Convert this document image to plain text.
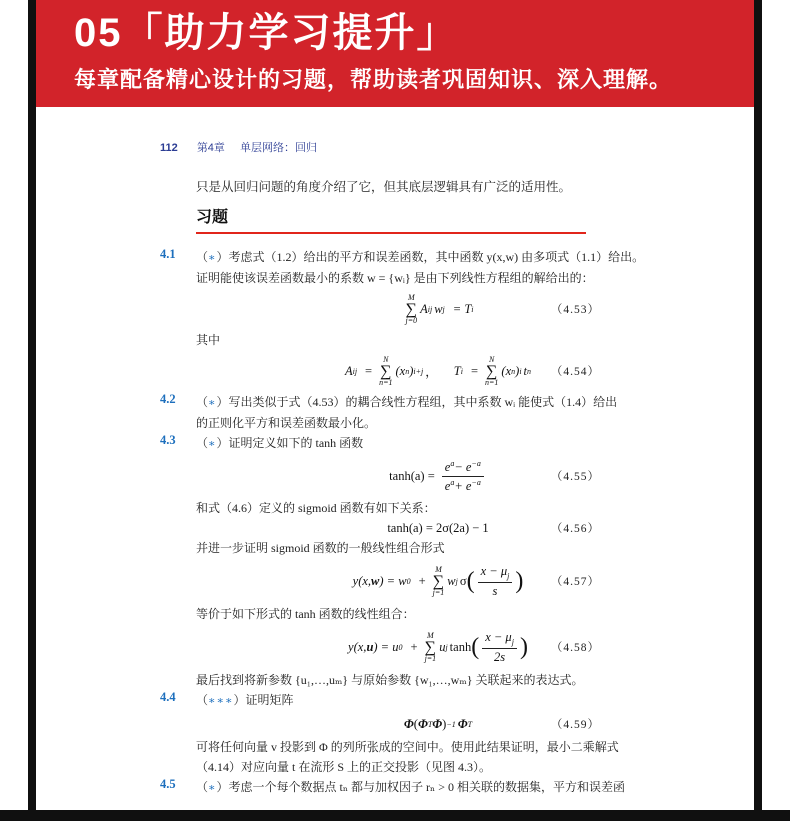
05「助力学习提升」
每章配备精心设计的习题，帮助读者巩固知识、深入理解。
112 第4章 单层网络：回归
只是从回归问题的角度介绍了它，但其底层逻辑具有广泛的适用性。
习题
4.1 （∗）考虑式（1.2）给出的平方和误差函数，其中函数 y(x,w) 由多项式（1.1）给出。
证明能使该误差函数最小的系数 w = {wᵢ} 是由下列线性方程组的解给出的：
M
∑
j=0
A ij w j = T i	（4.53）
其中
A ij =
N
∑
n=1
(x n ) i+j ， T i =
N
∑
n=1
(x n ) i t n （4.54）
4.2 （∗）写出类似于式（4.53）的耦合线性方程组，其中系数 wᵢ 能使式（1.4）给出
的正则化平方和误差函数最小化。
4.3 （∗）证明定义如下的 tanh 函数
$\tanh(a) = \frac{e^a- e^{-a}}{e^a+ e^{-a}}$	（4.55）
和式（4.6）定义的 sigmoid 函数有如下关系：
tanh(a) = 2σ(2a) − 1	（4.56）
并进一步证明 sigmoid 函数的一般线性组合形式
y(x, w ) = w 0 +
M
∑
j=1
w j σ ( $\frac{x - \mu_j}{s}$ ) （4.57）
等价于如下形式的 tanh 函数的线性组合：
y(x, u ) = u 0 +
M
∑
j=1
u j tanh ( $\frac{x - \mu_j}{2s}$ ) （4.58）
最后找到将新参数 {u₁,…,uₘ} 与原始参数 {w₁,…,wₘ} 关联起来的表达式。
4.4 （∗∗∗）证明矩阵
Φ ( Φ T Φ ) −1 Φ T	（4.59）
可将任何向量 v 投影到 Φ 的列所张成的空间中。使用此结果证明，最小二乘解式
（4.14）对应向量 t 在流形 S 上的正交投影（见图 4.3）。
4.5 （∗）考虑一个每个数据点 tₙ 都与加权因子 rₙ > 0 相关联的数据集，平方和误差函
